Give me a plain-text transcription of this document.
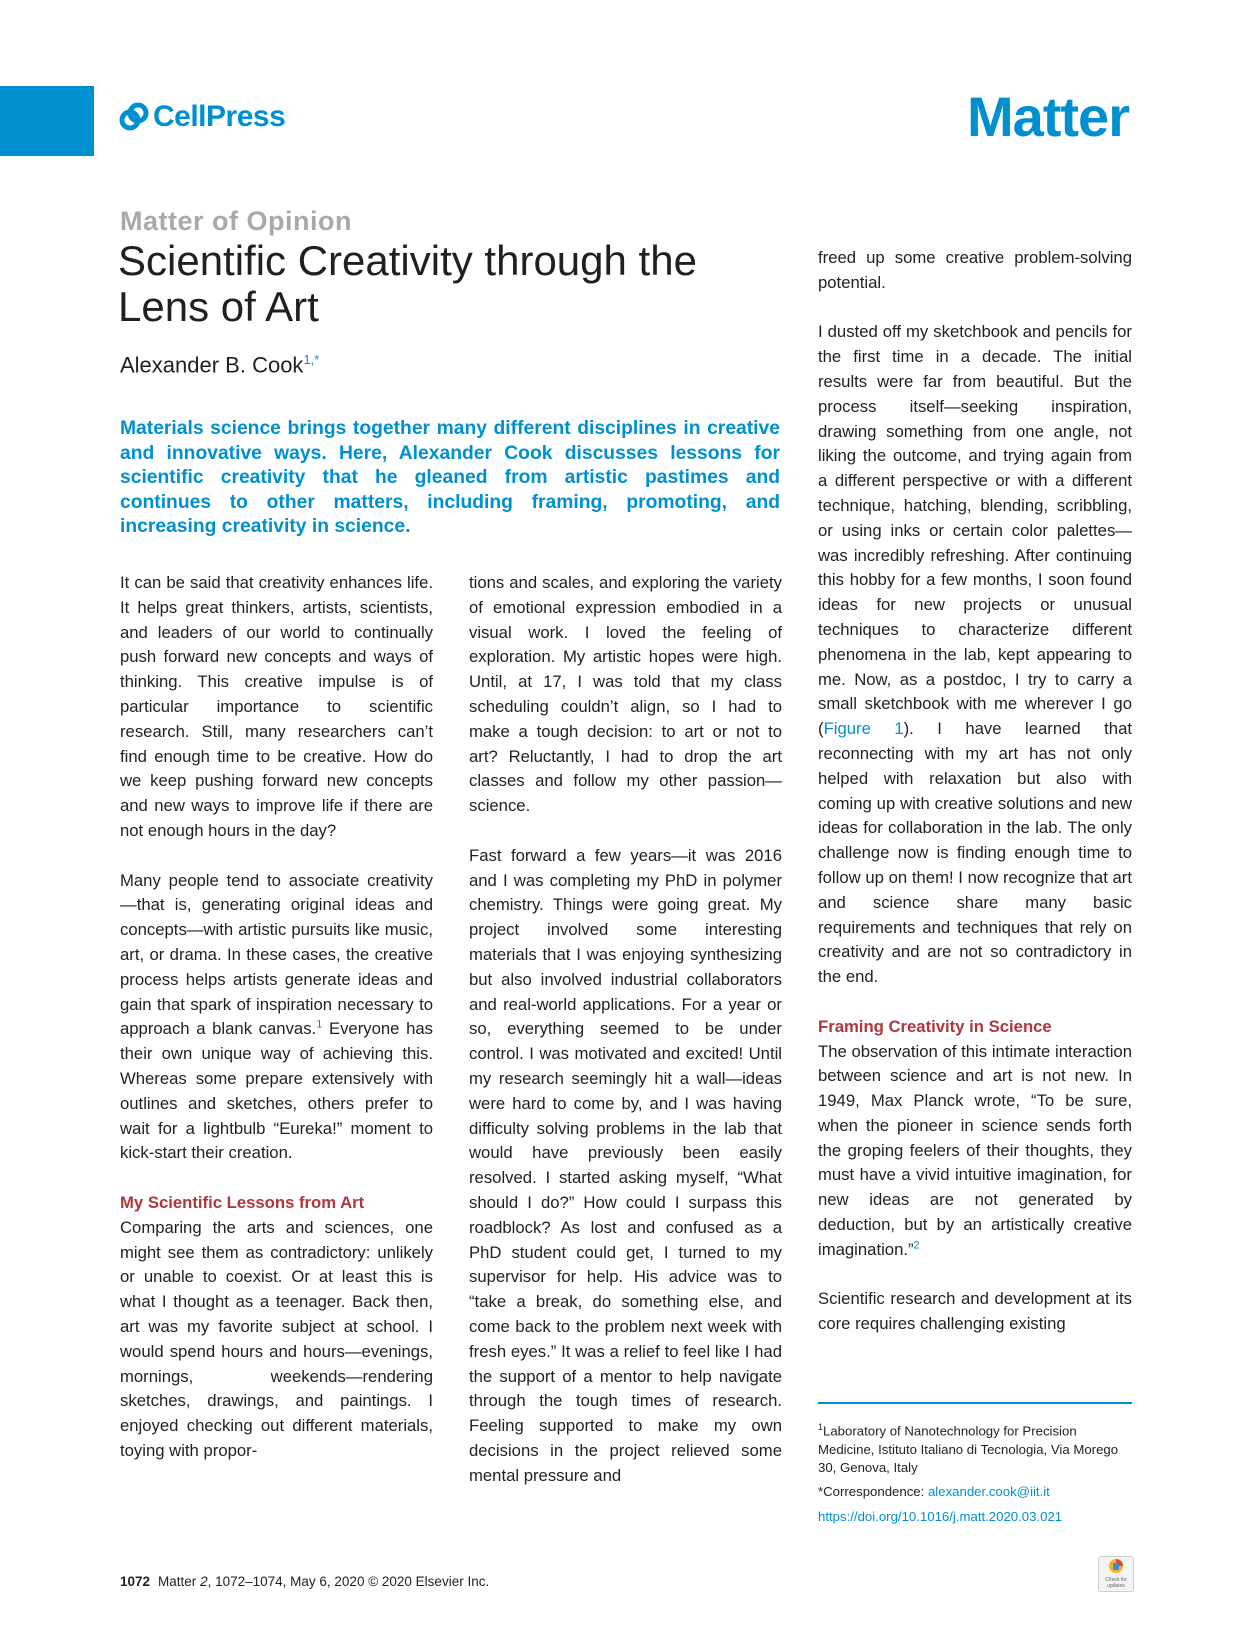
CellPress	Matter
Matter of Opinion
Scientific Creativity through the Lens of Art
Alexander B. Cook$^{1,*}$

Materials science brings together many different disciplines in creative and innovative ways. Here, Alexander Cook discusses lessons for scientific creativity that he gleaned from artistic pastimes and continues to other matters, including framing, promoting, and increasing creativity in science.

It can be said that creativity enhances life. It helps great thinkers, artists, scientists, and leaders of our world to continually push forward new concepts and ways of thinking. This creative impulse is of particular importance to scientific research. Still, many researchers can’t find enough time to be creative. How do we keep pushing forward new concepts and new ways to improve life if there are not enough hours in the day?

Many people tend to associate creativity—that is, generating original ideas and concepts—with artistic pursuits like music, art, or drama. In these cases, the creative process helps artists generate ideas and gain that spark of inspiration necessary to approach a blank canvas.$^1$ Everyone has their own unique way of achieving this. Whereas some prepare extensively with outlines and sketches, others prefer to wait for a lightbulb “Eureka!” moment to kick-start their creation.

My Scientific Lessons from Art

Comparing the arts and sciences, one might see them as contradictory: unlikely or unable to coexist. Or at least this is what I thought as a teenager. Back then, art was my favorite subject at school. I would spend hours and hours—evenings, mornings, weekends—rendering sketches, drawings, and paintings. I enjoyed checking out different materials, toying with propor-

tions and scales, and exploring the variety of emotional expression embodied in a visual work. I loved the feeling of exploration. My artistic hopes were high. Until, at 17, I was told that my class scheduling couldn’t align, so I had to make a tough decision: to art or not to art? Reluctantly, I had to drop the art classes and follow my other passion—science.

Fast forward a few years—it was 2016 and I was completing my PhD in polymer chemistry. Things were going great. My project involved some interesting materials that I was enjoying synthesizing but also involved industrial collaborators and real-world applications. For a year or so, everything seemed to be under control. I was motivated and excited! Until my research seemingly hit a wall—ideas were hard to come by, and I was having difficulty solving problems in the lab that would have previously been easily resolved. I started asking myself, “What should I do?” How could I surpass this roadblock? As lost and confused as a PhD student could get, I turned to my supervisor for help. His advice was to “take a break, do something else, and come back to the problem next week with fresh eyes.” It was a relief to feel like I had the support of a mentor to help navigate through the tough times of research. Feeling supported to make my own decisions in the project relieved some mental pressure and

freed up some creative problem-solving potential.

I dusted off my sketchbook and pencils for the first time in a decade. The initial results were far from beautiful. But the process itself—seeking inspiration, drawing something from one angle, not liking the outcome, and trying again from a different perspective or with a different technique, hatching, blending, scribbling, or using inks or certain color palettes—was incredibly refreshing. After continuing this hobby for a few months, I soon found ideas for new projects or unusual techniques to characterize different phenomena in the lab, kept appearing to me. Now, as a postdoc, I try to carry a small sketchbook with me wherever I go (Figure 1). I have learned that reconnecting with my art has not only helped with relaxation but also with coming up with creative solutions and new ideas for collaboration in the lab. The only challenge now is finding enough time to follow up on them! I now recognize that art and science share many basic requirements and techniques that rely on creativity and are not so contradictory in the end.

Framing Creativity in Science

The observation of this intimate interaction between science and art is not new. In 1949, Max Planck wrote, “To be sure, when the pioneer in science sends forth the groping feelers of their thoughts, they must have a vivid intuitive imagination, for new ideas are not generated by deduction, but by an artistically creative imagination.”$^2$

Scientific research and development at its core requires challenging existing

$^1$Laboratory of Nanotechnology for Precision Medicine, Istituto Italiano di Tecnologia, Via Morego 30, Genova, Italy

*Correspondence: alexander.cook@iit.it

https://doi.org/10.1016/j.matt.2020.03.021

1072 Matter 2, 1072–1074, May 6, 2020 © 2020 Elsevier Inc.	Check for updates
